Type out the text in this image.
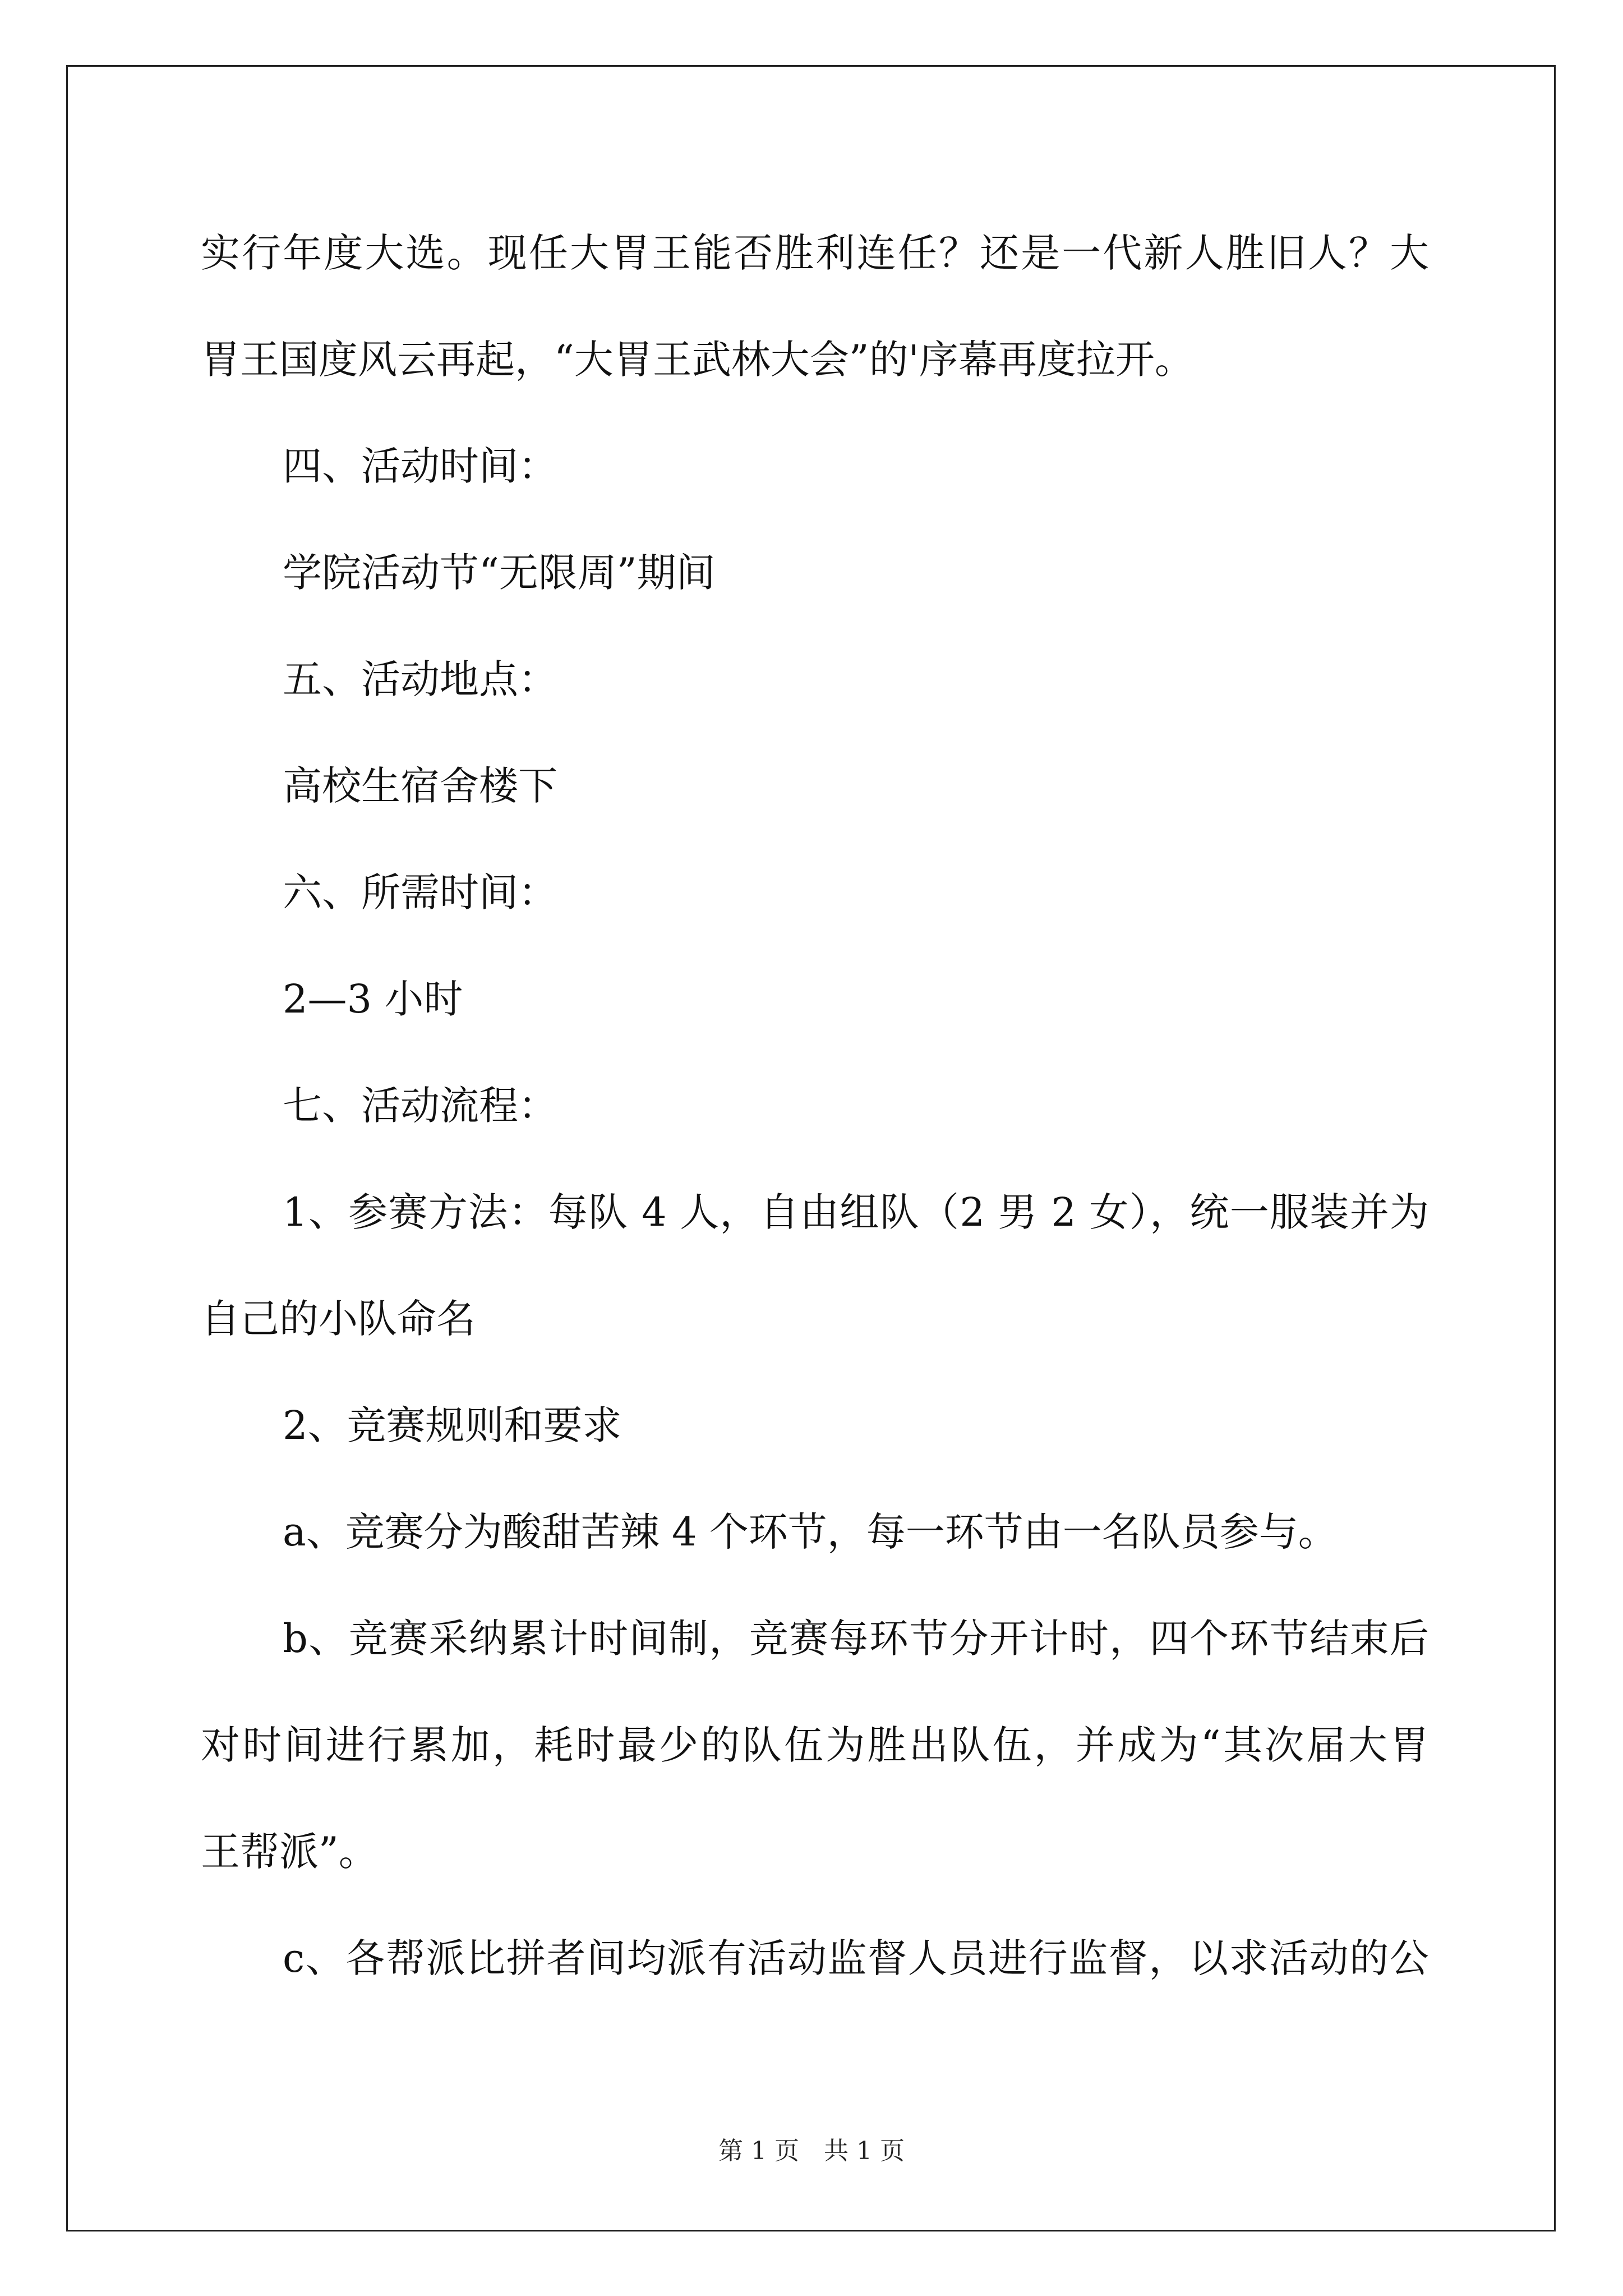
实行年度大选。现任大胃王能否胜利连任？还是一代新人胜旧人？大
胃王国度风云再起，“大胃王武林大会”的'序幕再度拉开。
四、活动时间：
学院活动节“无限周”期间
五、活动地点：
高校生宿舍楼下
六、所需时间：
2—3 小时
七、活动流程：
1、参赛方法：每队 4 人，自由组队（2 男 2 女），统一服装并为
自己的小队命名
2、竞赛规则和要求
a、竞赛分为酸甜苦辣 4 个环节，每一环节由一名队员参与。
b、竞赛采纳累计时间制，竞赛每环节分开计时，四个环节结束后
对时间进行累加，耗时最少的队伍为胜出队伍，并成为“其次届大胃
王帮派”。
c、各帮派比拼者间均派有活动监督人员进行监督，以求活动的公
第 1 页　共 1 页
